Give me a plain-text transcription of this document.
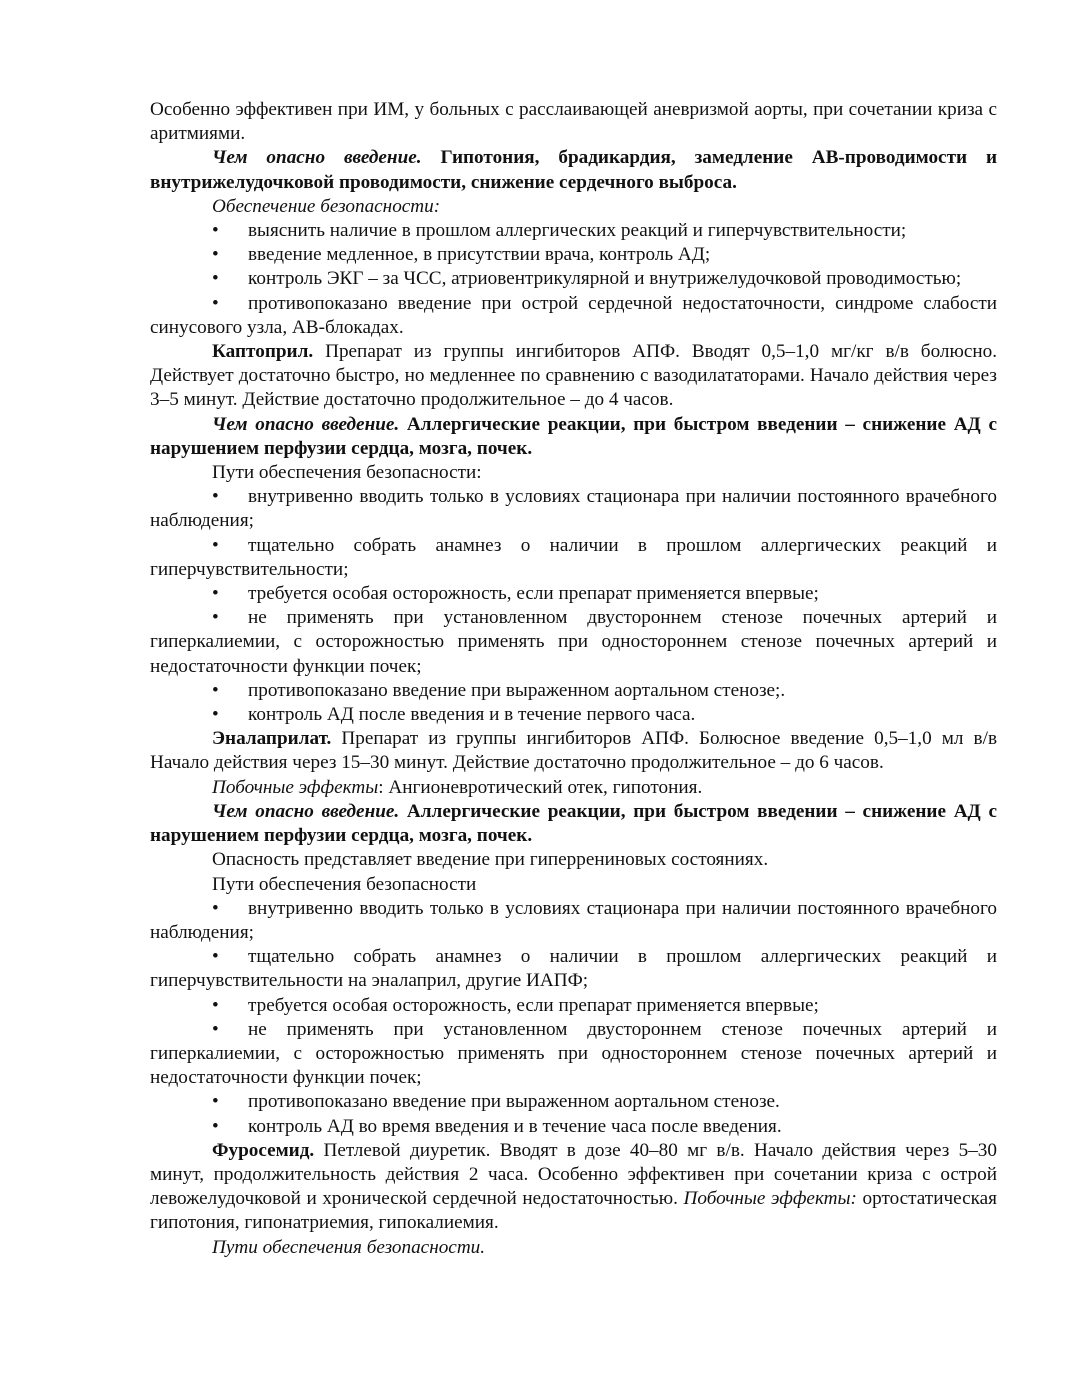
Особенно эффективен при ИМ, у больных с расслаивающей аневризмой аорты, при сочетании криза с аритмиями.

Чем опасно введение. Гипотония, брадикардия, замедление АВ-проводимости и внутрижелудочковой проводимости, снижение сердечного выброса.

Обеспечение безопасности:

• выяснить наличие в прошлом аллергических реакций и гиперчувствительности;

• введение медленное, в присутствии врача, контроль АД;

• контроль ЭКГ – за ЧСС, атриовентрикулярной и внутрижелудочковой проводимостью;

• противопоказано введение при острой сердечной недостаточности, синдроме слабости синусового узла, АВ-блокадах.

Каптоприл. Препарат из группы ингибиторов АПФ. Вводят 0,5–1,0 мг/кг в/в болюсно. Действует достаточно быстро, но медленнее по сравнению с вазодилататорами. Начало действия через 3–5 минут. Действие достаточно продолжительное – до 4 часов.

Чем опасно введение. Аллергические реакции, при быстром введении – снижение АД с нарушением перфузии сердца, мозга, почек.

Пути обеспечения безопасности:

• внутривенно вводить только в условиях стационара при наличии постоянного врачебного наблюдения;

• тщательно собрать анамнез о наличии в прошлом аллергических реакций и гиперчувствительности;

• требуется особая осторожность, если препарат применяется впервые;

• не применять при установленном двустороннем стенозе почечных артерий и гиперкалиемии, с осторожностью применять при одностороннем стенозе почечных артерий и недостаточности функции почек;

• противопоказано введение при выраженном аортальном стенозе;.

• контроль АД после введения и в течение первого часа.

Эналаприлат. Препарат из группы ингибиторов АПФ. Болюсное введение 0,5–1,0 мл в/в Начало действия через 15–30 минут. Действие достаточно продолжительное – до 6 часов.

Побочные эффекты: Ангионевротический отек, гипотония.

Чем опасно введение. Аллергические реакции, при быстром введении – снижение АД с нарушением перфузии сердца, мозга, почек.

Опасность представляет введение при гиперрениновых состояниях.

Пути обеспечения безопасности

• внутривенно вводить только в условиях стационара при наличии постоянного врачебного наблюдения;

• тщательно собрать анамнез о наличии в прошлом аллергических реакций и гиперчувствительности на эналаприл, другие ИАПФ;

• требуется особая осторожность, если препарат применяется впервые;

• не применять при установленном двустороннем стенозе почечных артерий и гиперкалиемии, с осторожностью применять при одностороннем стенозе почечных артерий и недостаточности функции почек;

• противопоказано введение при выраженном аортальном стенозе.

• контроль АД во время введения и в течение часа после введения.

Фуросемид. Петлевой диуретик. Вводят в дозе 40–80 мг в/в. Начало действия через 5–30 минут, продолжительность действия 2 часа. Особенно эффективен при сочетании криза с острой левожелудочковой и хронической сердечной недостаточностью. Побочные эффекты: ортостатическая гипотония, гипонатриемия, гипокалиемия.

Пути обеспечения безопасности.
